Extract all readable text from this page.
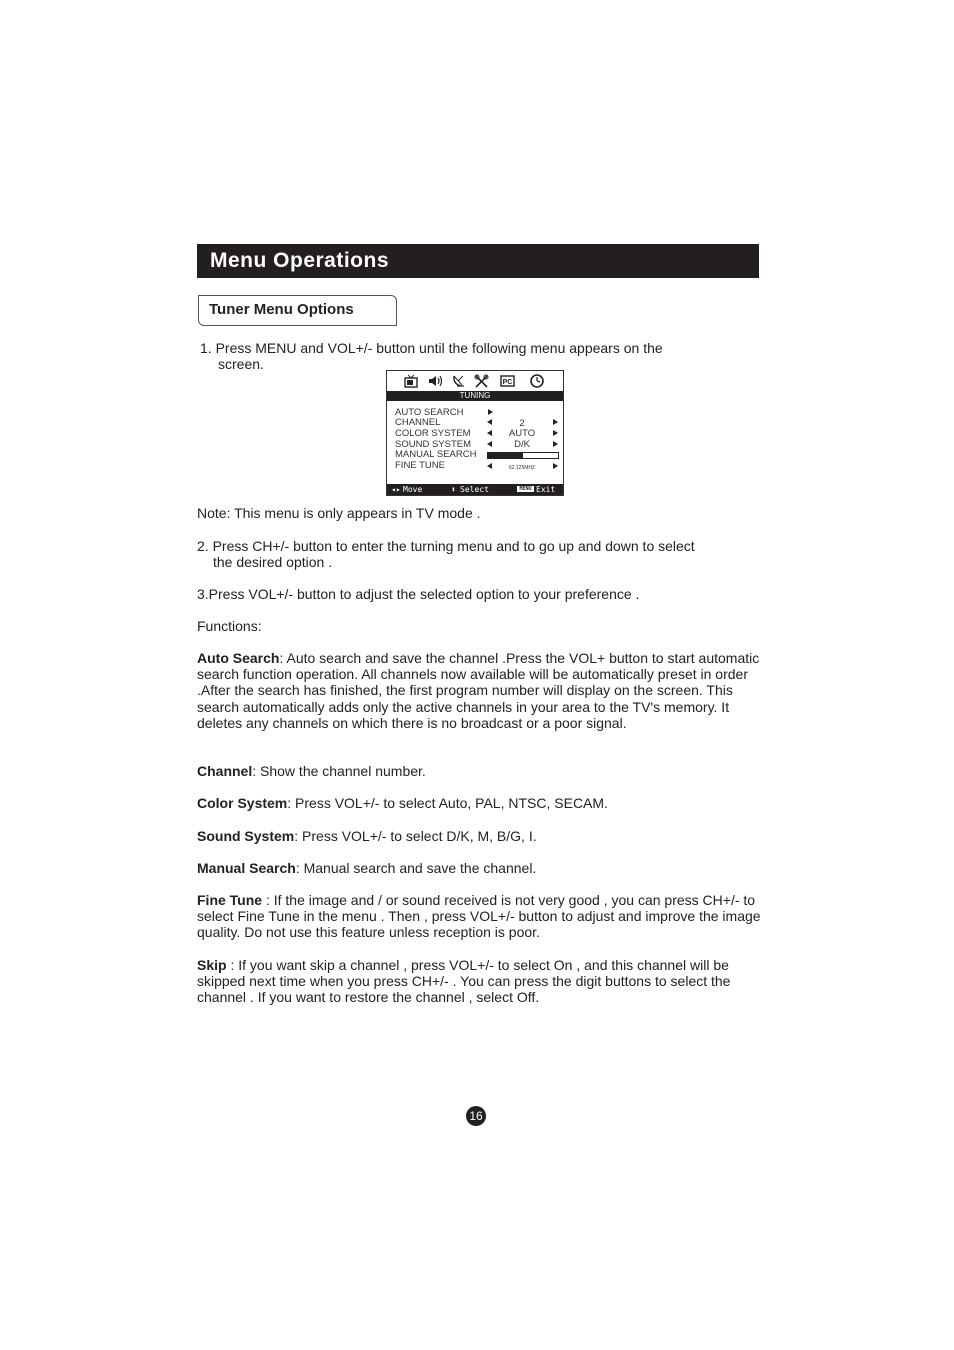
Menu Operations
Tuner Menu Options
1. Press MENU and VOL+/- button until the following menu appears on the
screen.
PC
TUNING
AUTO SEARCH
CHANNEL	2
COLOR SYSTEM	AUTO
SOUND SYSTEM	D/K
MANUAL SEARCH
FINE TUNE	62.125MHZ
◂▸ Move	⬍ Select	MENU Exit
Note: This menu is only appears in TV mode .
2. Press CH+/- button to enter the turning menu and to go up and down to select
the desired option .
3.Press VOL+/- button to adjust the selected option to your preference .
Functions:
Auto Search: Auto search and save the channel .Press the VOL+ button to start automatic search function operation. All channels now available will be automatically preset in order .After the search has finished, the first program number will display on the screen. This search automatically adds only the active channels in your area to the TV's memory. It deletes any channels on which there is no broadcast or a poor signal.
Channel: Show the channel number.
Color System: Press VOL+/- to select Auto, PAL, NTSC, SECAM.
Sound System: Press VOL+/- to select D/K, M, B/G, I.
Manual Search: Manual search and save the channel.
Fine Tune : If the image and / or sound received is not very good , you can press CH+/- to select Fine Tune in the menu . Then , press VOL+/- button to adjust and improve the image quality. Do not use this feature unless reception is poor.
Skip : If you want skip a channel , press VOL+/- to select On , and this channel will be skipped next time when you press CH+/- . You can press the digit buttons to select the channel . If you want to restore the channel , select Off.
16
